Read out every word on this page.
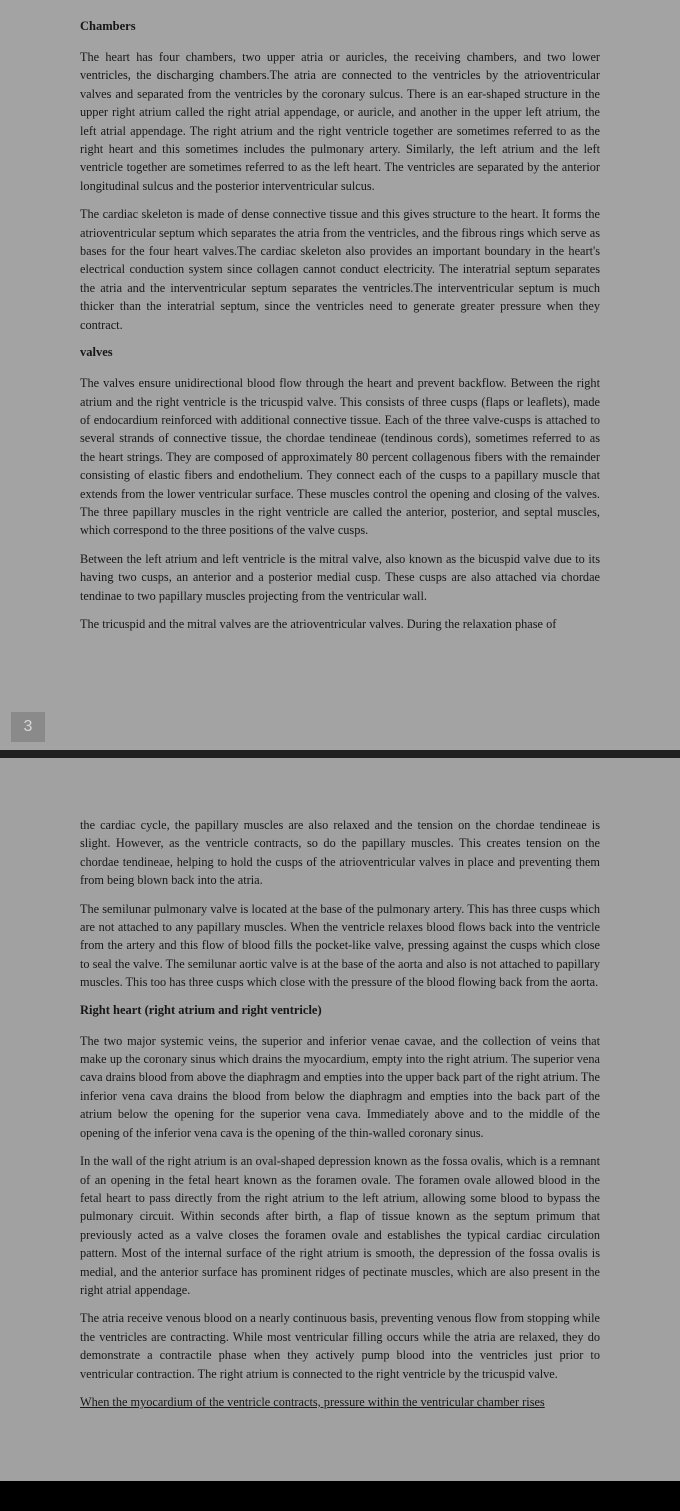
Chambers

The heart has four chambers, two upper atria or auricles, the receiving chambers, and two lower ventricles, the discharging chambers.The atria are connected to the ventricles by the atrioventricular valves and separated from the ventricles by the coronary sulcus. There is an ear-shaped structure in the upper right atrium called the right atrial appendage, or auricle, and another in the upper left atrium, the left atrial appendage. The right atrium and the right ventricle together are sometimes referred to as the right heart and this sometimes includes the pulmonary artery. Similarly, the left atrium and the left ventricle together are sometimes referred to as the left heart. The ventricles are separated by the anterior longitudinal sulcus and the posterior interventricular sulcus.

The cardiac skeleton is made of dense connective tissue and this gives structure to the heart. It forms the atrioventricular septum which separates the atria from the ventricles, and the fibrous rings which serve as bases for the four heart valves.The cardiac skeleton also provides an important boundary in the heart's electrical conduction system since collagen cannot conduct electricity. The interatrial septum separates the atria and the interventricular septum separates the ventricles.The interventricular septum is much thicker than the interatrial septum, since the ventricles need to generate greater pressure when they contract.

valves

The valves ensure unidirectional blood flow through the heart and prevent backflow. Between the right atrium and the right ventricle is the tricuspid valve. This consists of three cusps (flaps or leaflets), made of endocardium reinforced with additional connective tissue. Each of the three valve-cusps is attached to several strands of connective tissue, the chordae tendineae (tendinous cords), sometimes referred to as the heart strings. They are composed of approximately 80 percent collagenous fibers with the remainder consisting of elastic fibers and endothelium. They connect each of the cusps to a papillary muscle that extends from the lower ventricular surface. These muscles control the opening and closing of the valves. The three papillary muscles in the right ventricle are called the anterior, posterior, and septal muscles, which correspond to the three positions of the valve cusps.

Between the left atrium and left ventricle is the mitral valve, also known as the bicuspid valve due to its having two cusps, an anterior and a posterior medial cusp. These cusps are also attached via chordae tendinae to two papillary muscles projecting from the ventricular wall.

The tricuspid and the mitral valves are the atrioventricular valves. During the relaxation phase of

3

the cardiac cycle, the papillary muscles are also relaxed and the tension on the chordae tendineae is slight. However, as the ventricle contracts, so do the papillary muscles. This creates tension on the chordae tendineae, helping to hold the cusps of the atrioventricular valves in place and preventing them from being blown back into the atria.

The semilunar pulmonary valve is located at the base of the pulmonary artery. This has three cusps which are not attached to any papillary muscles. When the ventricle relaxes blood flows back into the ventricle from the artery and this flow of blood fills the pocket-like valve, pressing against the cusps which close to seal the valve. The semilunar aortic valve is at the base of the aorta and also is not attached to papillary muscles. This too has three cusps which close with the pressure of the blood flowing back from the aorta.

Right heart (right atrium and right ventricle)

The two major systemic veins, the superior and inferior venae cavae, and the collection of veins that make up the coronary sinus which drains the myocardium, empty into the right atrium. The superior vena cava drains blood from above the diaphragm and empties into the upper back part of the right atrium. The inferior vena cava drains the blood from below the diaphragm and empties into the back part of the atrium below the opening for the superior vena cava. Immediately above and to the middle of the opening of the inferior vena cava is the opening of the thin-walled coronary sinus.

In the wall of the right atrium is an oval-shaped depression known as the fossa ovalis, which is a remnant of an opening in the fetal heart known as the foramen ovale. The foramen ovale allowed blood in the fetal heart to pass directly from the right atrium to the left atrium, allowing some blood to bypass the pulmonary circuit. Within seconds after birth, a flap of tissue known as the septum primum that previously acted as a valve closes the foramen ovale and establishes the typical cardiac circulation pattern. Most of the internal surface of the right atrium is smooth, the depression of the fossa ovalis is medial, and the anterior surface has prominent ridges of pectinate muscles, which are also present in the right atrial appendage.

The atria receive venous blood on a nearly continuous basis, preventing venous flow from stopping while the ventricles are contracting. While most ventricular filling occurs while the atria are relaxed, they do demonstrate a contractile phase when they actively pump blood into the ventricles just prior to ventricular contraction. The right atrium is connected to the right ventricle by the tricuspid valve.

When the myocardium of the ventricle contracts, pressure within the ventricular chamber rises
